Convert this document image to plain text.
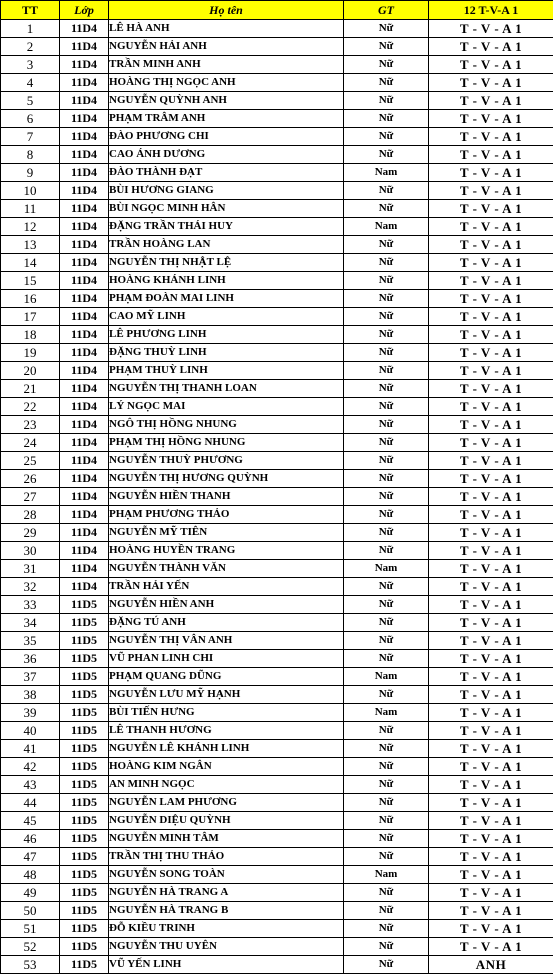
TT	Lớp	Họ tên	GT	12 T-V-A 1
1	11D4	LÊ HÀ ANH	Nữ	T - V - A 1
2	11D4	NGUYỄN HẢI ANH	Nữ	T - V - A 1
3	11D4	TRẦN MINH ANH	Nữ	T - V - A 1
4	11D4	HOÀNG THỊ NGỌC ANH	Nữ	T - V - A 1
5	11D4	NGUYỄN QUỲNH ANH	Nữ	T - V - A 1
6	11D4	PHẠM TRÂM ANH	Nữ	T - V - A 1
7	11D4	ĐÀO PHƯƠNG CHI	Nữ	T - V - A 1
8	11D4	CAO ÁNH DƯƠNG	Nữ	T - V - A 1
9	11D4	ĐÀO THÀNH ĐẠT	Nam	T - V - A 1
10	11D4	BÙI HƯƠNG GIANG	Nữ	T - V - A 1
11	11D4	BÙI NGỌC MINH HÂN	Nữ	T - V - A 1
12	11D4	ĐẶNG TRẦN THÁI HUY	Nam	T - V - A 1
13	11D4	TRẦN HOÀNG LAN	Nữ	T - V - A 1
14	11D4	NGUYỄN THỊ NHẬT LỆ	Nữ	T - V - A 1
15	11D4	HOÀNG KHÁNH LINH	Nữ	T - V - A 1
16	11D4	PHẠM ĐOÀN MAI LINH	Nữ	T - V - A 1
17	11D4	CAO MỸ LINH	Nữ	T - V - A 1
18	11D4	LÊ PHƯƠNG LINH	Nữ	T - V - A 1
19	11D4	ĐẶNG THUỲ LINH	Nữ	T - V - A 1
20	11D4	PHẠM THUỲ LINH	Nữ	T - V - A 1
21	11D4	NGUYỄN THỊ THANH LOAN	Nữ	T - V - A 1
22	11D4	LÝ NGỌC MAI	Nữ	T - V - A 1
23	11D4	NGÔ THỊ HỒNG NHUNG	Nữ	T - V - A 1
24	11D4	PHẠM THỊ HỒNG NHUNG	Nữ	T - V - A 1
25	11D4	NGUYỄN THUỲ PHƯƠNG	Nữ	T - V - A 1
26	11D4	NGUYỄN THỊ HƯƠNG QUỲNH	Nữ	T - V - A 1
27	11D4	NGUYỄN HIỀN THANH	Nữ	T - V - A 1
28	11D4	PHẠM PHƯƠNG THẢO	Nữ	T - V - A 1
29	11D4	NGUYỄN MỸ TIÊN	Nữ	T - V - A 1
30	11D4	HOÀNG HUYỀN TRANG	Nữ	T - V - A 1
31	11D4	NGUYỄN THÀNH VĂN	Nam	T - V - A 1
32	11D4	TRẦN HẢI YẾN	Nữ	T - V - A 1
33	11D5	NGUYỄN HIỀN ANH	Nữ	T - V - A 1
34	11D5	ĐẶNG TÚ ANH	Nữ	T - V - A 1
35	11D5	NGUYỄN THỊ VÂN ANH	Nữ	T - V - A 1
36	11D5	VŨ PHAN LINH CHI	Nữ	T - V - A 1
37	11D5	PHẠM QUANG DŨNG	Nam	T - V - A 1
38	11D5	NGUYỄN LƯU MỸ HẠNH	Nữ	T - V - A 1
39	11D5	BÙI TIẾN HƯNG	Nam	T - V - A 1
40	11D5	LÊ THANH HƯƠNG	Nữ	T - V - A 1
41	11D5	NGUYỄN LÊ KHÁNH LINH	Nữ	T - V - A 1
42	11D5	HOÀNG KIM NGÂN	Nữ	T - V - A 1
43	11D5	AN MINH NGỌC	Nữ	T - V - A 1
44	11D5	NGUYỄN LAM PHƯƠNG	Nữ	T - V - A 1
45	11D5	NGUYỄN DIỆU QUỲNH	Nữ	T - V - A 1
46	11D5	NGUYỄN MINH TÂM	Nữ	T - V - A 1
47	11D5	TRẦN THỊ THU THẢO	Nữ	T - V - A 1
48	11D5	NGUYỄN SONG TOÀN	Nam	T - V - A 1
49	11D5	NGUYỄN HÀ TRANG A	Nữ	T - V - A 1
50	11D5	NGUYỄN HÀ TRANG B	Nữ	T - V - A 1
51	11D5	ĐỖ KIỀU TRINH	Nữ	T - V - A 1
52	11D5	NGUYỄN THU UYÊN	Nữ	T - V - A 1
53	11D5	VŨ YẾN LINH	Nữ	ANH
